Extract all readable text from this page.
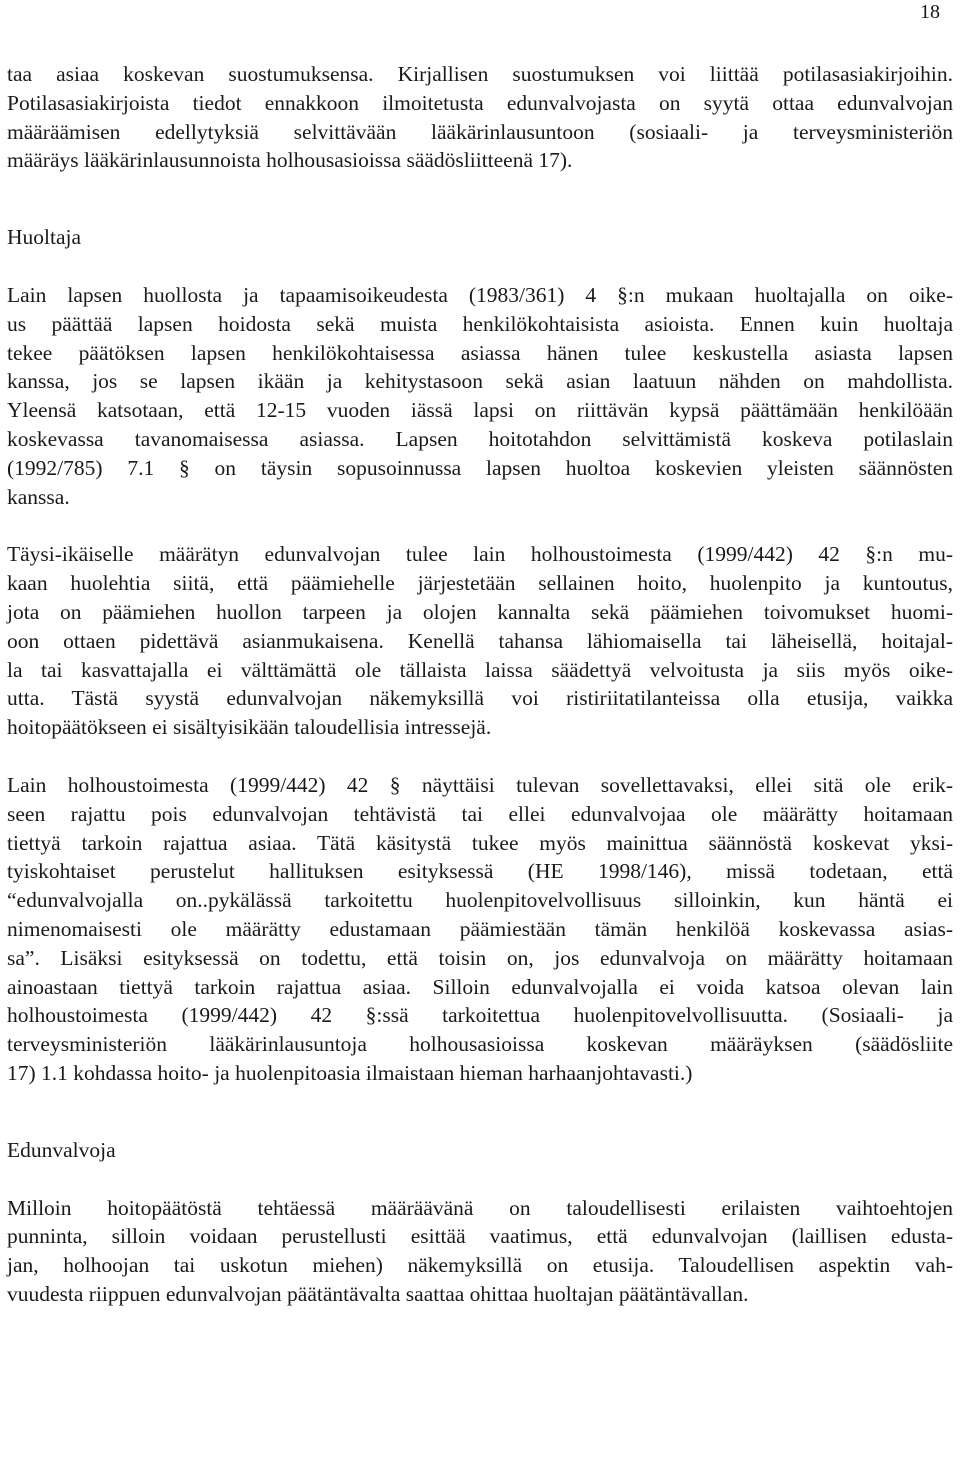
18
taa asiaa koskevan suostumuksensa. Kirjallisen suostumuksen voi liittää potilasasiakirjoihin.
Potilasasiakirjoista tiedot ennakkoon ilmoitetusta edunvalvojasta on syytä ottaa edunvalvojan
määräämisen edellytyksiä selvittävään lääkärinlausuntoon (sosiaali- ja terveysministeriön
määräys lääkärinlausunnoista holhousasioissa säädösliitteenä 17).
Huoltaja
Lain lapsen huollosta ja tapaamisoikeudesta (1983/361) 4 §:n mukaan huoltajalla on oike-
us päättää lapsen hoidosta sekä muista henkilökohtaisista asioista. Ennen kuin huoltaja
tekee päätöksen lapsen henkilökohtaisessa asiassa hänen tulee keskustella asiasta lapsen
kanssa, jos se lapsen ikään ja kehitystasoon sekä asian laatuun nähden on mahdollista.
Yleensä katsotaan, että 12-15 vuoden iässä lapsi on riittävän kypsä päättämään henkilöään
koskevassa tavanomaisessa asiassa. Lapsen hoitotahdon selvittämistä koskeva potilaslain
(1992/785) 7.1 § on täysin sopusoinnussa lapsen huoltoa koskevien yleisten säännösten
kanssa.
Täysi-ikäiselle määrätyn edunvalvojan tulee lain holhoustoimesta (1999/442) 42 §:n mu-
kaan huolehtia siitä, että päämiehelle järjestetään sellainen hoito, huolenpito ja kuntoutus,
jota on päämiehen huollon tarpeen ja olojen kannalta sekä päämiehen toivomukset huomi-
oon ottaen pidettävä asianmukaisena. Kenellä tahansa lähiomaisella tai läheisellä, hoitajal-
la tai kasvattajalla ei välttämättä ole tällaista laissa säädettyä velvoitusta ja siis myös oike-
utta. Tästä syystä edunvalvojan näkemyksillä voi ristiriitatilanteissa olla etusija, vaikka
hoitopäätökseen ei sisältyisikään taloudellisia intressejä.
Lain holhoustoimesta (1999/442) 42 § näyttäisi tulevan sovellettavaksi, ellei sitä ole erik-
seen rajattu pois edunvalvojan tehtävistä tai ellei edunvalvojaa ole määrätty hoitamaan
tiettyä tarkoin rajattua asiaa. Tätä käsitystä tukee myös mainittua säännöstä koskevat yksi-
tyiskohtaiset perustelut hallituksen esityksessä (HE 1998/146), missä todetaan, että
“edunvalvojalla on..pykälässä tarkoitettu huolenpitovelvollisuus silloinkin, kun häntä ei
nimenomaisesti ole määrätty edustamaan päämiestään tämän henkilöä koskevassa asias-
sa”. Lisäksi esityksessä on todettu, että toisin on, jos edunvalvoja on määrätty hoitamaan
ainoastaan tiettyä tarkoin rajattua asiaa. Silloin edunvalvojalla ei voida katsoa olevan lain
holhoustoimesta (1999/442) 42 §:ssä tarkoitettua huolenpitovelvollisuutta. (Sosiaali- ja
terveysministeriön lääkärinlausuntoja holhousasioissa koskevan määräyksen (säädösliite
17) 1.1 kohdassa hoito- ja huolenpitoasia ilmaistaan hieman harhaanjohtavasti.)
Edunvalvoja
Milloin hoitopäätöstä tehtäessä määräävänä on taloudellisesti erilaisten vaihtoehtojen
punninta, silloin voidaan perustellusti esittää vaatimus, että edunvalvojan (laillisen edusta-
jan, holhoojan tai uskotun miehen) näkemyksillä on etusija. Taloudellisen aspektin vah-
vuudesta riippuen edunvalvojan päätäntävalta saattaa ohittaa huoltajan päätäntävallan.
